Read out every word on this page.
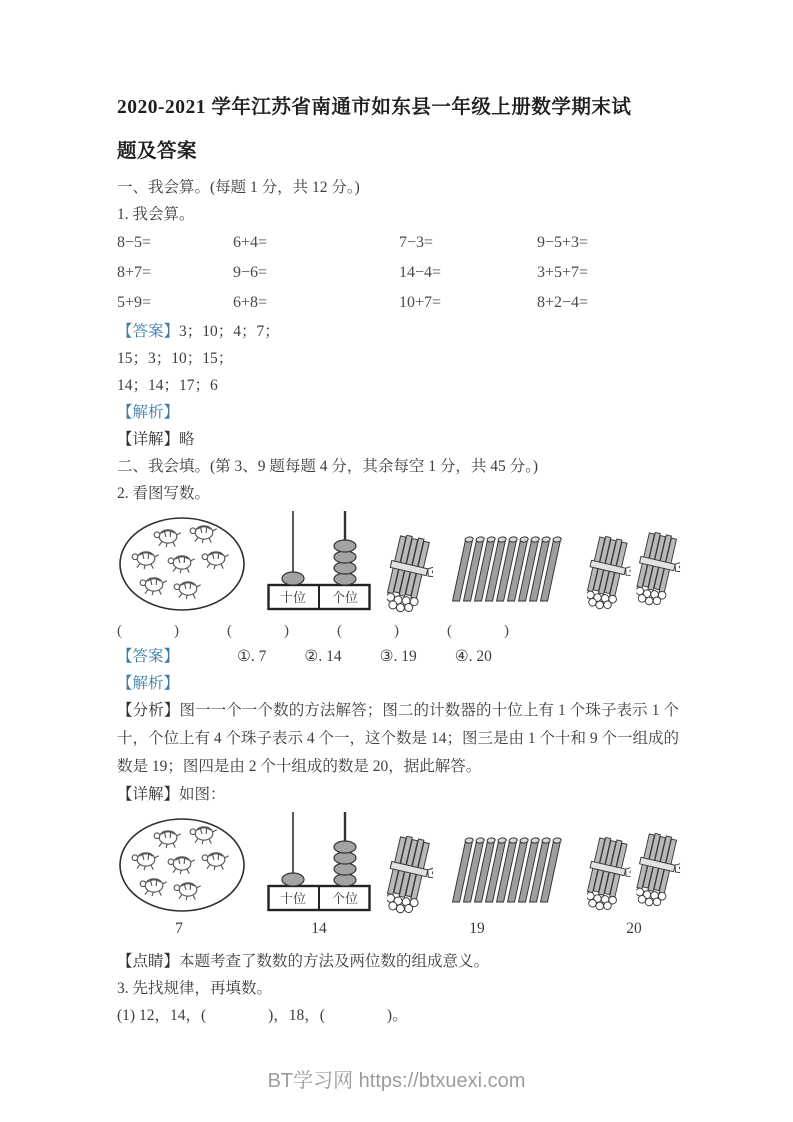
2020-2021 学年江苏省南通市如东县一年级上册数学期末试
题及答案

一、我会算。(每题 1 分，共 12 分。)

1. 我会算。

8−5=	6+4=	7−3=	9−5+3=
8+7=	9−6=	14−4=	3+5+7=
5+9=	6+8=	10+7=	8+2−4=

【答案】3；10；4；7；

15；3；10；15；

14；14；17；6

【解析】

【详解】略

二、我会填。(第 3、9 题每题 4 分，其余每空 1 分，共 45 分。)

2. 看图写数。

十位 个位
(	)	(	)	(	)	(	)

【答案】	①. 7 ②. 14 ③. 19 ④. 20

【解析】

【分析】图一一个一个数的方法解答；图二的计数器的十位上有 1 个珠子表示 1 个十，个位上有 4 个珠子表示 4 个一，这个数是 14；图三是由 1 个十和 9 个一组成的数是 19；图四是由 2 个十组成的数是 20，据此解答。

【详解】如图：

十位 个位
7	14	19	20

【点睛】本题考查了数数的方法及两位数的组成意义。

3. 先找规律，再填数。

(1) 12，14，(　　　　)，18，(　　　　)。

BT学习网 https://btxuexi.com
